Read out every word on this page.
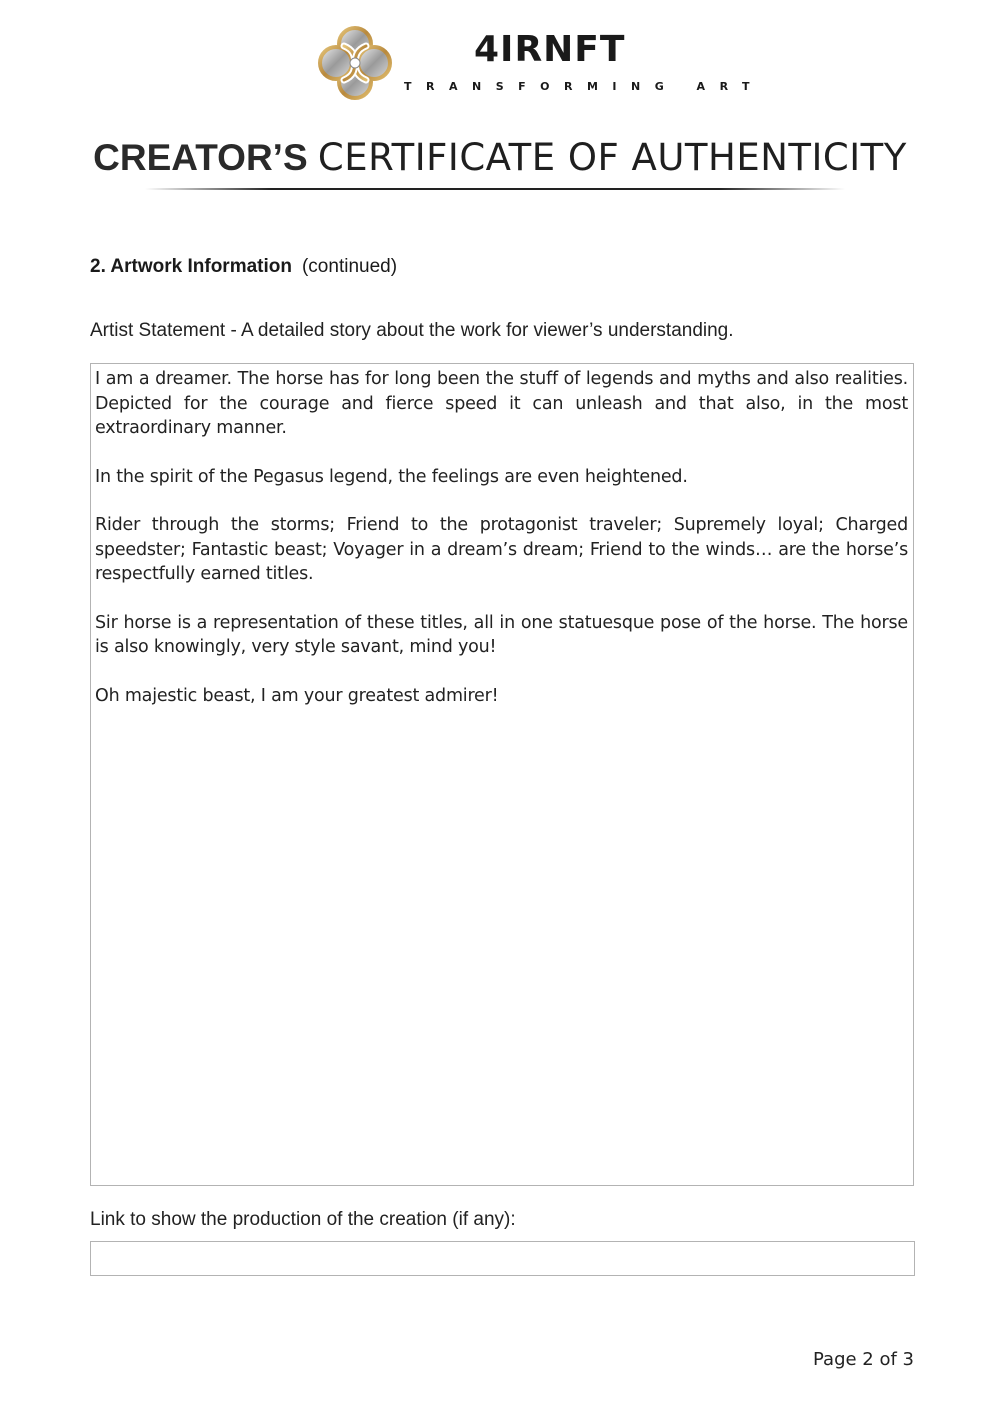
4IRNFT
TRANSFORMING ART
CREATOR’S CERTIFICATE OF AUTHENTICITY
2. Artwork Information (continued)
Artist Statement - A detailed story about the work for viewer’s understanding.

I am a dreamer. The horse has for long been the stuff of legends and myths and also realities. Depicted for the courage and fierce speed it can unleash and that also, in the most extraordinary manner.

In the spirit of the Pegasus legend, the feelings are even heightened.

Rider through the storms; Friend to the protagonist traveler; Supremely loyal; Charged speedster; Fantastic beast; Voyager in a dream’s dream; Friend to the winds… are the horse’s respectfully earned titles.

Sir horse is a representation of these titles, all in one statuesque pose of the horse. The horse is also knowingly, very style savant, mind you!

Oh majestic beast, I am your greatest admirer!

Link to show the production of the creation (if any):
Page 2 of 3
